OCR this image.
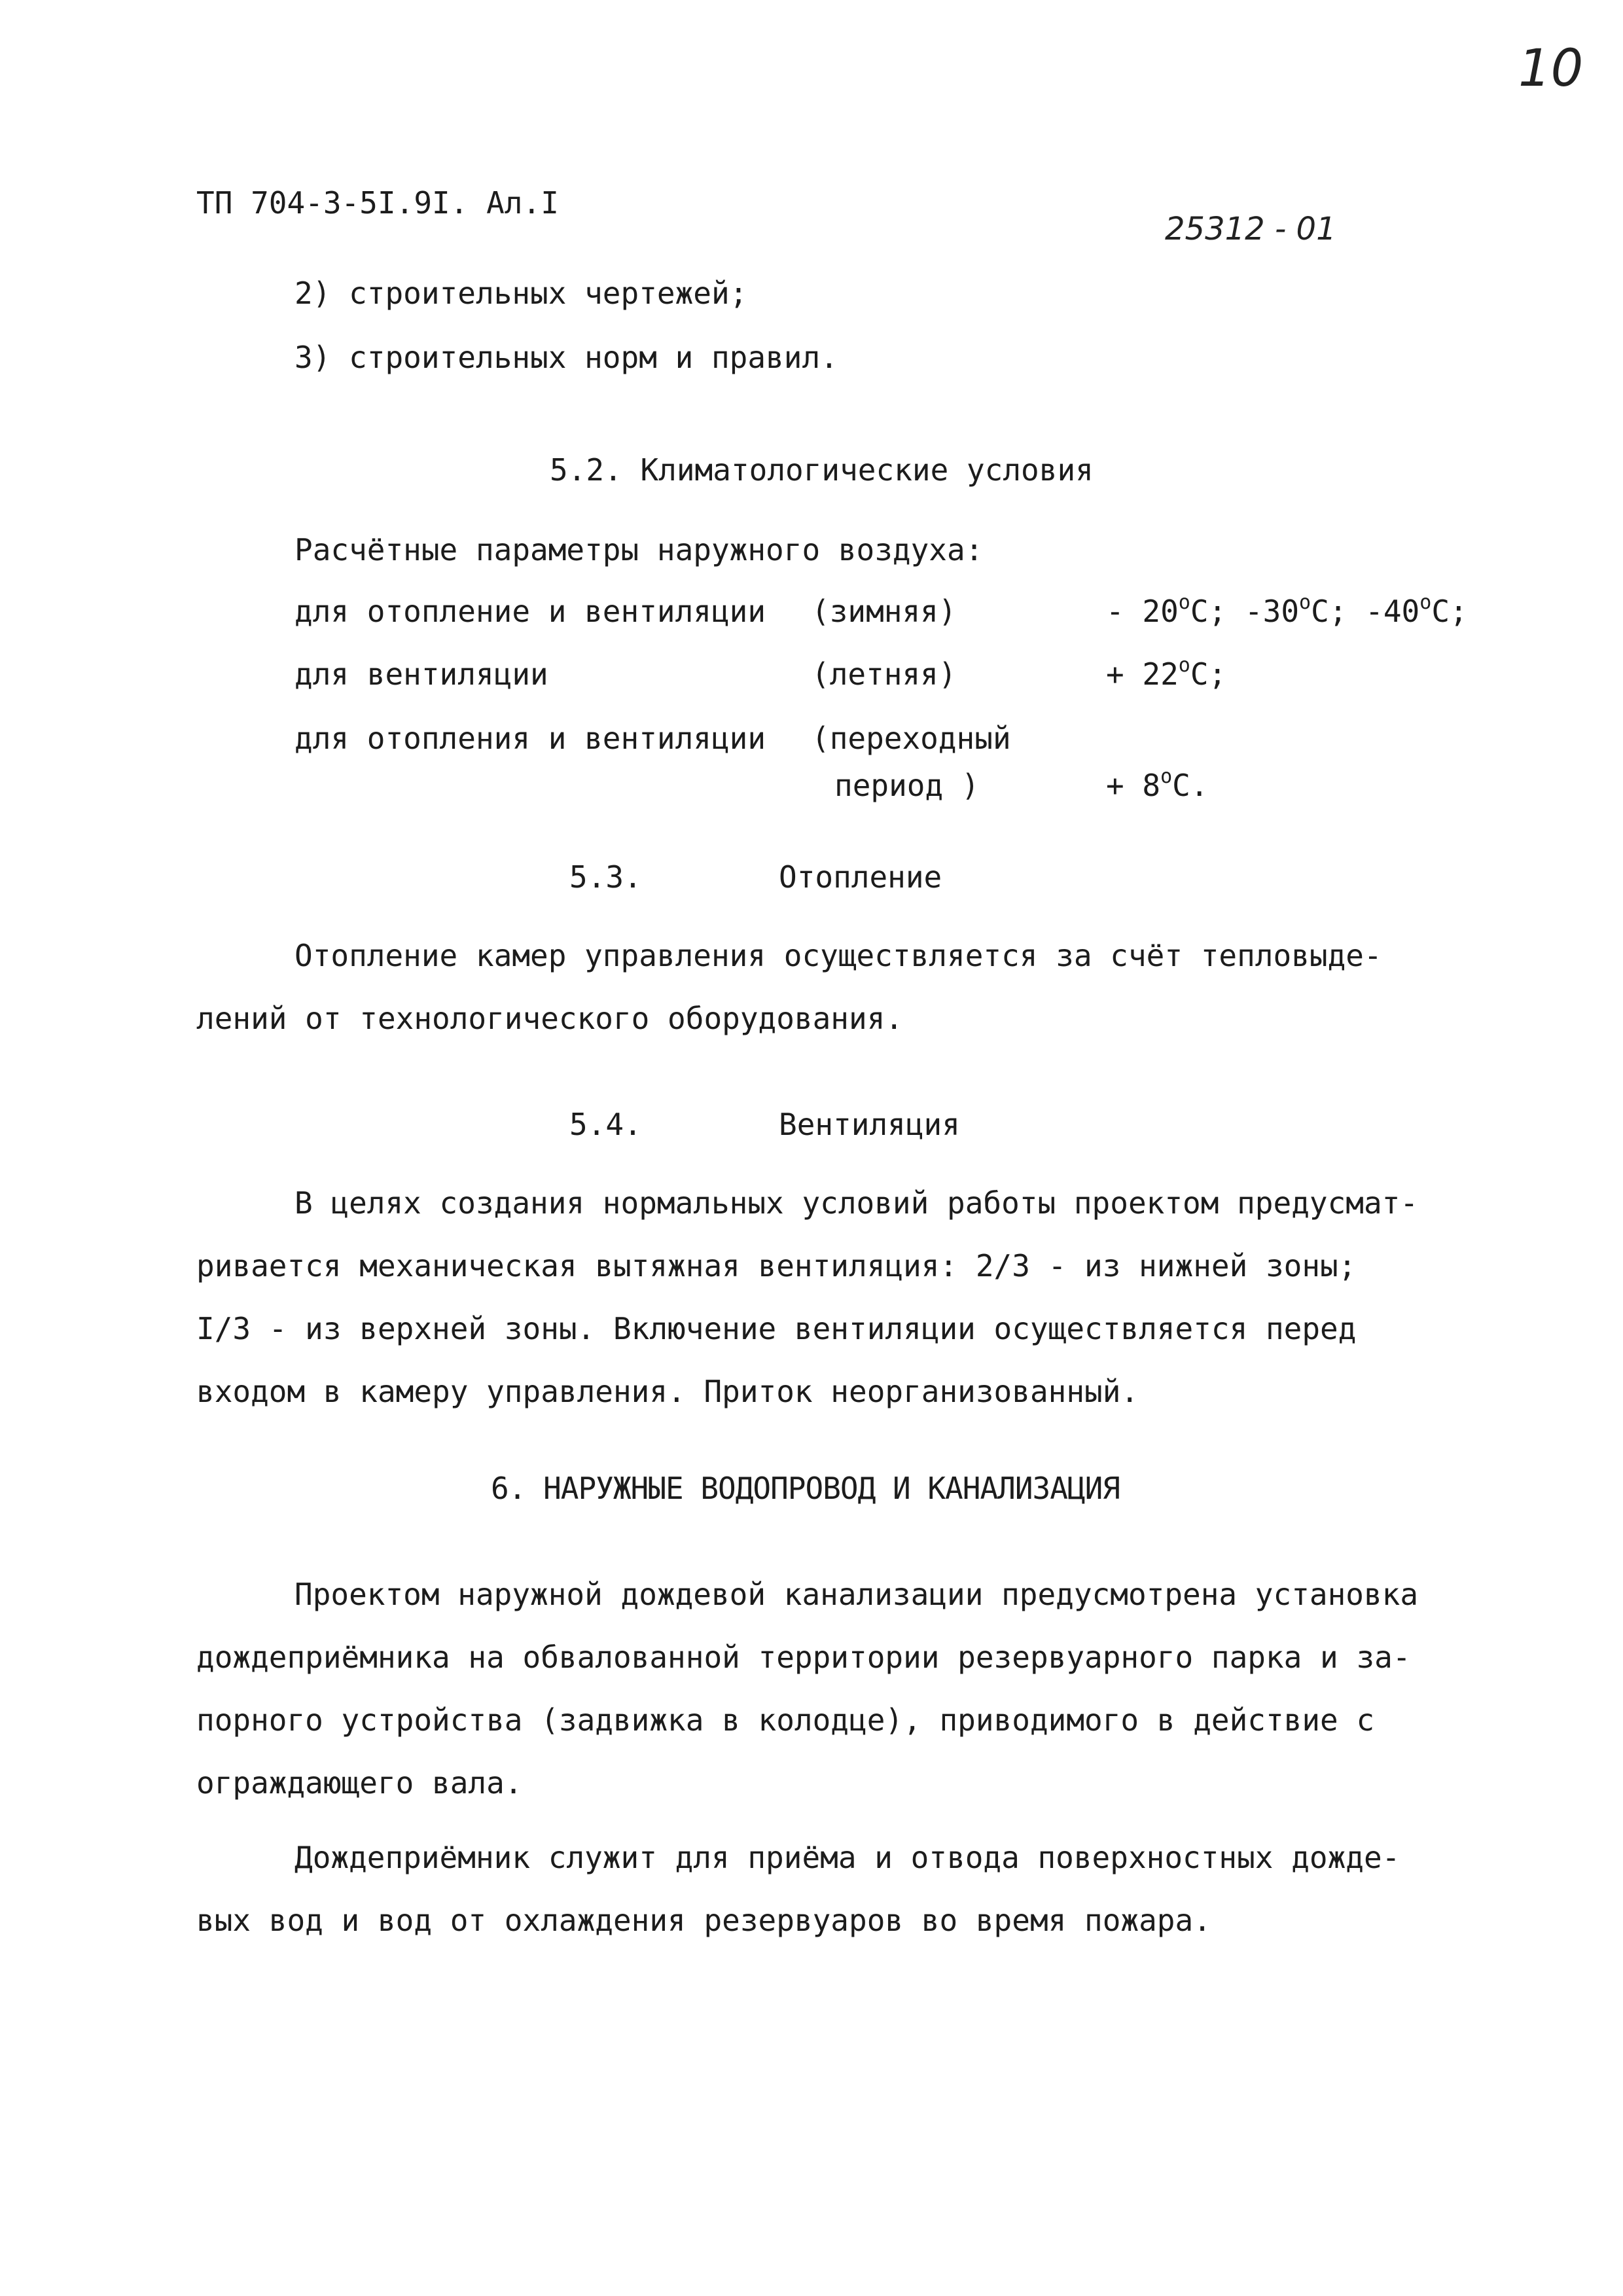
10
ТП 704-3-5I.9I. Ал.I
25312 - 01
2) строительных чертежей;
3) строительных норм и правил.
5.2. Климатологические условия
Расчётные параметры наружного воздуха:
для отопление и вентиляции (зимняя)	- 20$^o$C; -30$^o$C; -40$^o$C;
для вентиляции	(летняя)	+ $22^oC$;
для отопления и вентиляции (переходный
период )	+ $8^oC$.
5.3.	Отопление
Отопление камер управления осуществляется за счёт тепловыде-
лений от технологического оборудования.
5.4.	Вентиляция
В целях создания нормальных условий работы проектом предусмат-
ривается механическая вытяжная вентиляция: 2/3 - из нижней зоны;
I/3 - из верхней зоны. Включение вентиляции осуществляется перед
входом в камеру управления. Приток неорганизованный.
6. НАРУЖНЫЕ ВОДОПРОВОД И КАНАЛИЗАЦИЯ
Проектом наружной дождевой канализации предусмотрена установка
дождеприёмника на обвалованной территории резервуарного парка и за-
порного устройства (задвижка в колодце), приводимого в действие с
ограждающего вала.
Дождеприёмник служит для приёма и отвода поверхностных дожде-
вых вод и вод от охлаждения резервуаров во время пожара.
